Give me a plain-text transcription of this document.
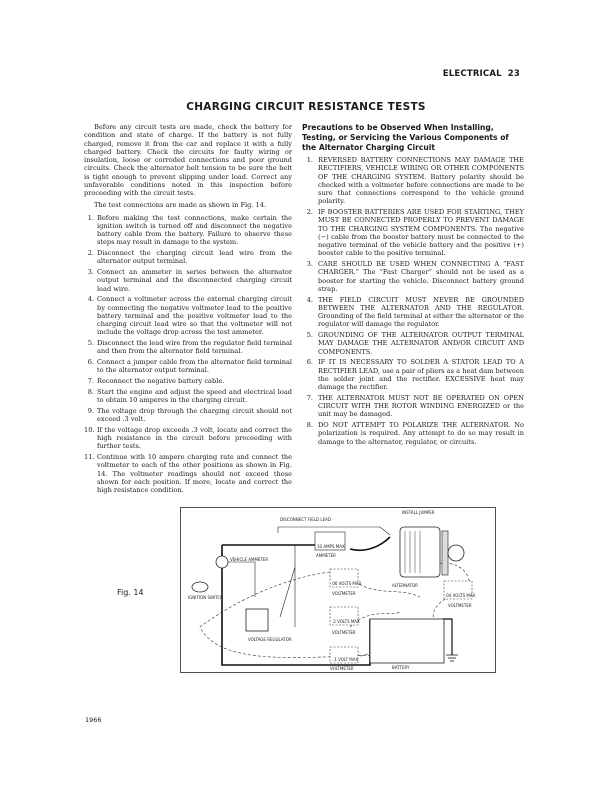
ELECTRICAL 23
CHARGING CIRCUIT RESISTANCE TESTS

Before any circuit tests are made, check the battery for condition and state of charge. If the battery is not fully charged, remove it from the car and replace it with a fully charged battery. Check the circuits for faulty wiring or insulation, loose or corroded connections and poor ground circuits. Check the alternator belt tension to be sure the belt is tight enough to prevent slipping under load. Correct any unfavorable conditions noted in this inspection before proceeding with the circuit tests.

The test connections are made as shown in Fig. 14.

1. Before making the test connections, make certain the ignition switch is turned off and disconnect the negative battery cable from the battery. Failure to observe these steps may result in damage to the system.
2. Disconnect the charging circuit lead wire from the alternator output terminal.
3. Connect an ammeter in series between the alternator output terminal and the disconnected charging circuit lead wire.
4. Connect a voltmeter across the external charging circuit by connecting the negative voltmeter lead to the positive battery terminal and the positive voltmeter lead to the charging circuit lead wire so that the voltmeter will not include the voltage drop across the test ammeter.
5. Disconnect the lead wire from the regulator field terminal and then from the alternator field terminal.
6. Connect a jumper cable from the alternator field terminal to the alternator output terminal.
7. Reconnect the negative battery cable.
8. Start the engine and adjust the speed and electrical load to obtain 10 amperes in the charging circuit.
9. The voltage drop through the charging circuit should not exceed .3 volt.
10. If the voltage drop exceeds .3 volt, locate and correct the high resistance in the circuit before proceeding with further tests.
11. Continue with 10 ampere charging rate and connect the voltmeter to each of the other positions as shown in Fig. 14. The voltmeter readings should not exceed those shown for each position. If more, locate and correct the high resistance condition.
Precautions to be Observed When Installing, Testing, or Servicing the Various Components of the Alternator Charging Circuit
1. REVERSED BATTERY CONNECTIONS MAY DAMAGE THE RECTIFIERS, VEHICLE WIRING OR OTHER COMPONENTS OF THE CHARGING SYSTEM. Battery polarity should be checked with a voltmeter before connections are made to be sure that connections correspond to the vehicle ground polarity.
2. IF BOOSTER BATTERIES ARE USED FOR STARTING, THEY MUST BE CONNECTED PROPERLY TO PREVENT DAMAGE TO THE CHARGING SYSTEM COMPONENTS. The negative (−) cable from the booster battery must be connected to the negative terminal of the vehicle battery and the positive (+) booster cable to the positive terminal.
3. CARE SHOULD BE USED WHEN CONNECTING A “FAST CHARGER.” The “Fast Charger” should not be used as a booster for starting the vehicle. Disconnect battery ground strap.
4. THE FIELD CIRCUIT MUST NEVER BE GROUNDED BETWEEN THE ALTERNATOR AND THE REGULATOR. Grounding of the field terminal at either the alternator or the regulator will damage the regulator.
5. GROUNDING OF THE ALTERNATOR OUTPUT TERMINAL MAY DAMAGE THE ALTERNATOR AND/OR CIRCUIT AND COMPONENTS.
6. IF IT IS NECESSARY TO SOLDER A STATOR LEAD TO A RECTIFIER LEAD, use a pair of pliers as a heat dam between the solder joint and the rectifier. EXCESSIVE heat may damage the rectifier.
7. THE ALTERNATOR MUST NOT BE OPERATED ON OPEN CIRCUIT WITH THE ROTOR WINDING ENERGIZED or the unit may be damaged.
8. DO NOT ATTEMPT TO POLARIZE THE ALTERNATOR. No polarization is required. Any attempt to do so may result in damage to the alternator, regulator, or circuits.
Fig. 14
INSTALL JUMPER
DISCONNECT FIELD LEAD
10 AMPS MAX
AMMETER
VEHICLE AMMETER
IGNITION SWITCH
ALTERNATOR
.06 VOLTS MAX
VOLTMETER
.2 VOLTS MAX
VOLTMETER
.1 VOLT MAX
VOLTMETER
.04 VOLTS MAX
VOLTMETER
VOLTAGE REGULATOR
BATTERY
1966
